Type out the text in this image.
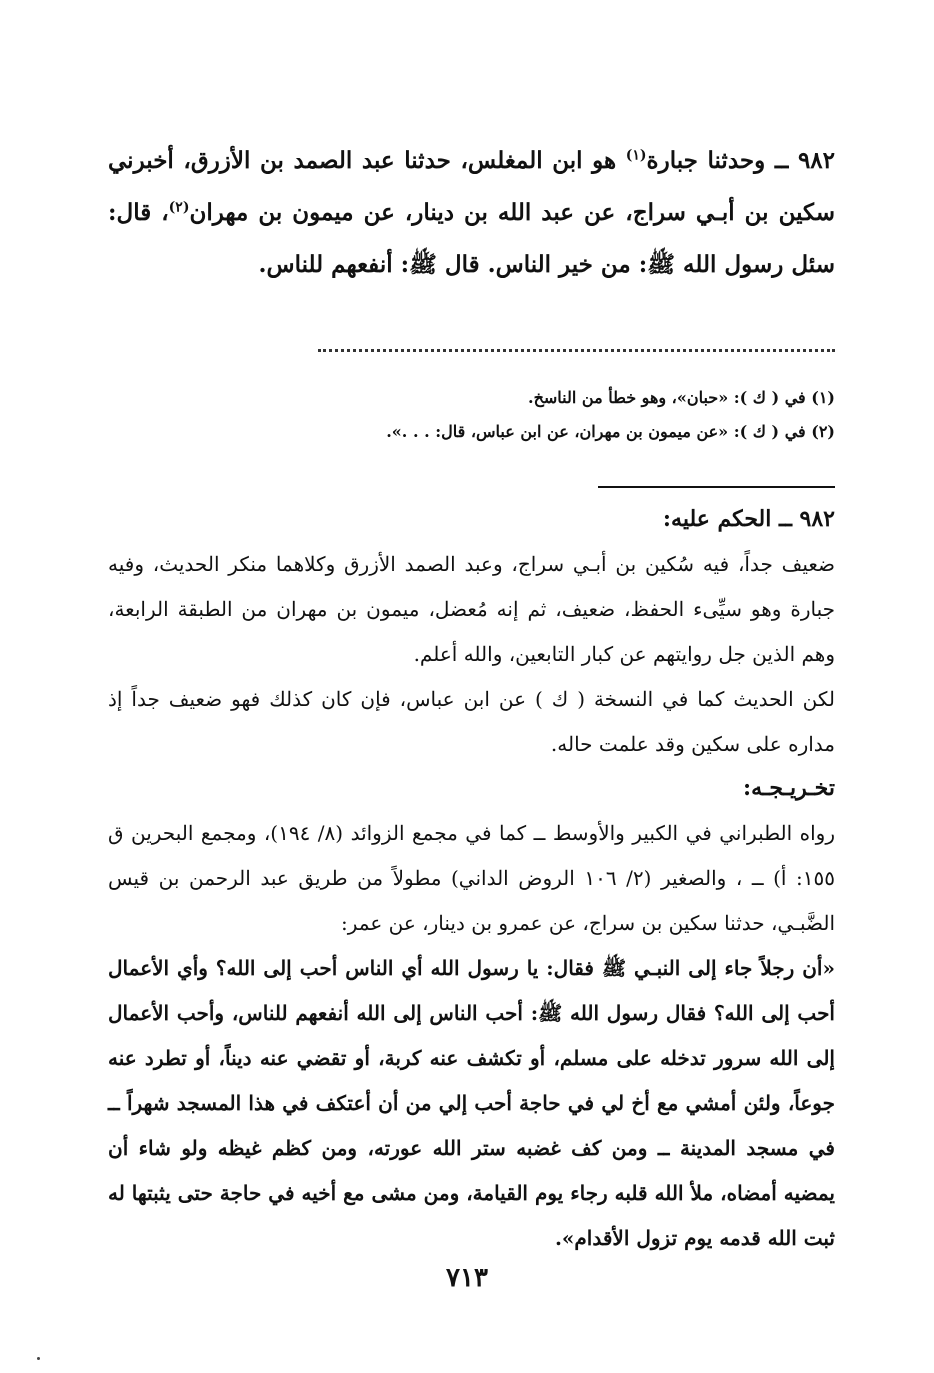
٩٨٢ ــ وحدثنا جبارة$^{(١)}$ هو ابن المغلس، حدثنا عبد الصمد بن الأزرق، أخبرني سكين بن أبـي سراج، عن عبد الله بن دينار، عن ميمون بن مهران$^{(٢)}$، قال: سئل رسول الله ﷺ: من خير الناس. قال ﷺ: أنفعهم للناس.

(١) في ( ك ): «حبان»، وهو خطأ من الناسخ.

(٢) في ( ك ): «عن ميمون بن مهران، عن ابن عباس، قال: . . .».

٩٨٢ ــ الحكم عليه:

ضعيف جداً، فيه سُكين بن أبـي سراج، وعبد الصمد الأزرق وكلاهما منكر الحديث، وفيه جبارة وهو سيِّىء الحفظ، ضعيف، ثم إنه مُعضل، ميمون بن مهران من الطبقة الرابعة، وهم الذين جل روايتهم عن كبار التابعين، والله أعلم.

لكن الحديث كما في النسخة ( ك ) عن ابن عباس، فإن كان كذلك فهو ضعيف جداً إذ مداره على سكين وقد علمت حاله.

تخـريـجـه:

رواه الطبراني في الكبير والأوسط ــ كما في مجمع الزوائد (٨/ ١٩٤)، ومجمع البحرين ق ١٥٥: أ) ــ ، والصغير (٢/ ١٠٦ الروض الداني) مطولاً من طريق عبد الرحمن بن قيس الضَّبـي، حدثنا سكين بن سراج، عن عمرو بن دينار، عن عمر:

«أن رجلاً جاء إلى النبـي ﷺ فقال: يا رسول الله أي الناس أحب إلى الله؟ وأي الأعمال أحب إلى الله؟ فقال رسول الله ﷺ: أحب الناس إلى الله أنفعهم للناس، وأحب الأعمال إلى الله سرور تدخله على مسلم، أو تكشف عنه كربة، أو تقضي عنه ديناً، أو تطرد عنه جوعاً، ولئن أمشي مع أخ لي في حاجة أحب إلي من أن أعتكف في هذا المسجد شهراً ــ في مسجد المدينة ــ ومن كف غضبه ستر الله عورته، ومن كظم غيظه ولو شاء أن يمضيه أمضاه، ملأ الله قلبه رجاء يوم القيامة، ومن مشى مع أخيه في حاجة حتى يثبتها له ثبت الله قدمه يوم تزول الأقدام».

٧١٣
